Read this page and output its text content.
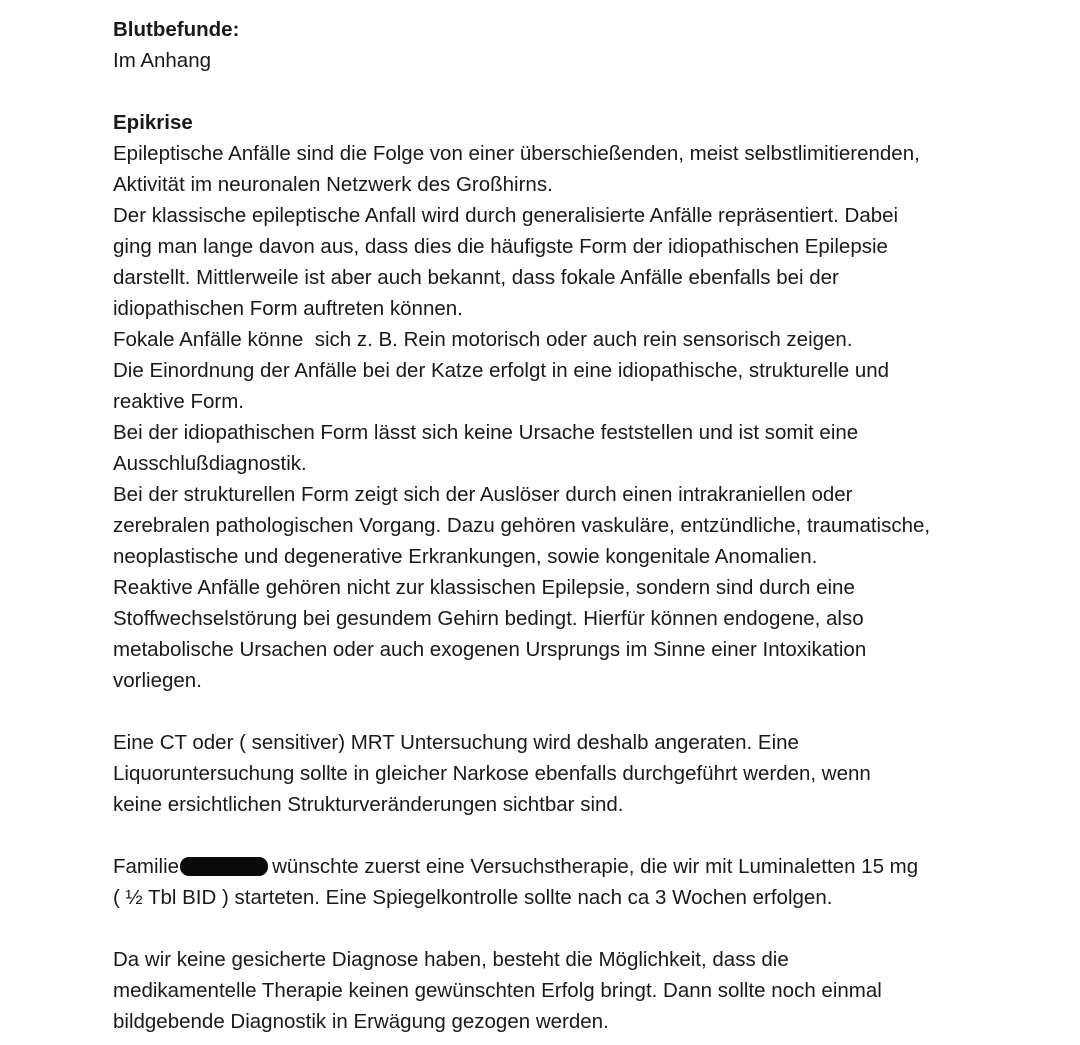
Blutbefunde:
Im Anhang
Epikrise
Epileptische Anfälle sind die Folge von einer überschießenden, meist selbstlimitierenden,
Aktivität im neuronalen Netzwerk des Großhirns.
Der klassische epileptische Anfall wird durch generalisierte Anfälle repräsentiert. Dabei
ging man lange davon aus, dass dies die häufigste Form der idiopathischen Epilepsie
darstellt. Mittlerweile ist aber auch bekannt, dass fokale Anfälle ebenfalls bei der
idiopathischen Form auftreten können.
Fokale Anfälle könne  sich z. B. Rein motorisch oder auch rein sensorisch zeigen.
Die Einordnung der Anfälle bei der Katze erfolgt in eine idiopathische, strukturelle und
reaktive Form.
Bei der idiopathischen Form lässt sich keine Ursache feststellen und ist somit eine
Ausschlußdiagnostik.
Bei der strukturellen Form zeigt sich der Auslöser durch einen intrakraniellen oder
zerebralen pathologischen Vorgang. Dazu gehören vaskuläre, entzündliche, traumatische,
neoplastische und degenerative Erkrankungen, sowie kongenitale Anomalien.
Reaktive Anfälle gehören nicht zur klassischen Epilepsie, sondern sind durch eine
Stoffwechselstörung bei gesundem Gehirn bedingt. Hierfür können endogene, also
metabolische Ursachen oder auch exogenen Ursprungs im Sinne einer Intoxikation
vorliegen.
Eine CT oder ( sensitiver) MRT Untersuchung wird deshalb angeraten. Eine
Liquoruntersuchung sollte in gleicher Narkose ebenfalls durchgeführt werden, wenn
keine ersichtlichen Strukturveränderungen sichtbar sind.
Familie	wünschte zuerst eine Versuchstherapie, die wir mit Luminaletten 15 mg
( ½ Tbl BID ) starteten. Eine Spiegelkontrolle sollte nach ca 3 Wochen erfolgen.
Da wir keine gesicherte Diagnose haben, besteht die Möglichkeit, dass die
medikamentelle Therapie keinen gewünschten Erfolg bringt. Dann sollte noch einmal
bildgebende Diagnostik in Erwägung gezogen werden.
